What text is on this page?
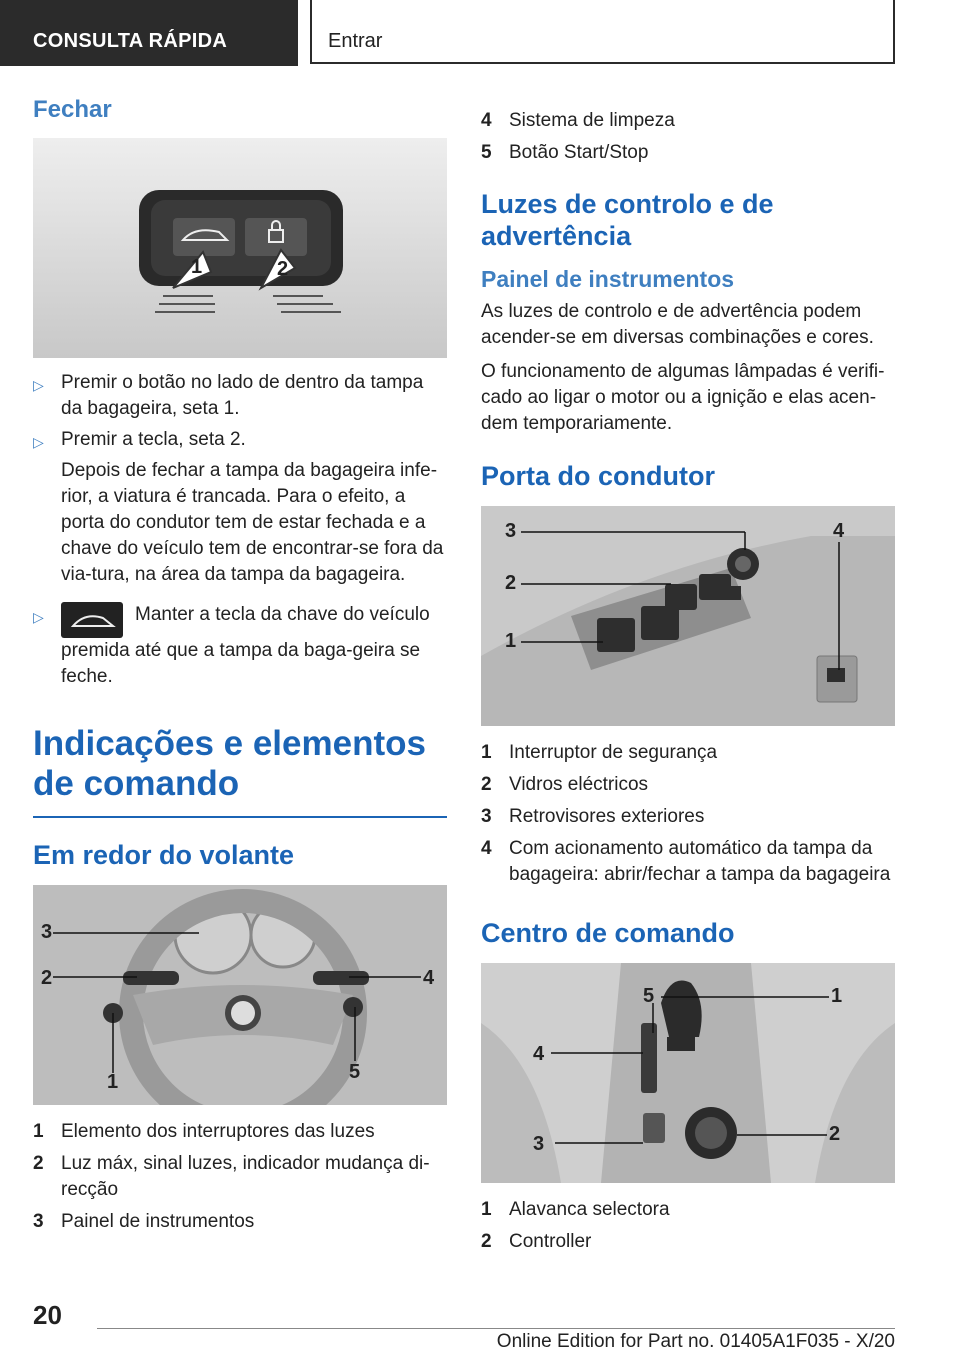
CONSULTA RÁPIDA	Entrar
Fechar
1	2
▷ Premir o botão no lado de dentro da tampa da bagageira, seta 1.
▷ Premir a tecla, seta 2.
Depois de fechar a tampa da bagageira infe-rior, a viatura é trancada. Para o efeito, a porta do condutor tem de estar fechada e a chave do veículo tem de encontrar-se fora da via-tura, na área da tampa da bagageira.
▷	Manter a tecla da chave do veículo premida até que a tampa da baga-geira se feche.
Indicações e elementos de comando
Em redor do volante
3
2	4
1	5
1 Elemento dos interruptores das luzes
2 Luz máx, sinal luzes, indicador mudança di-recção
3 Painel de instrumentos
4 Sistema de limpeza
5 Botão Start/Stop
Luzes de controlo e de advertência
Painel de instrumentos
As luzes de controlo e de advertência podem acender-se em diversas combinações e cores.
O funcionamento de algumas lâmpadas é verifi-cado ao ligar o motor ou a ignição e elas acen-dem temporariamente.
Porta do condutor
3	4
2
1
1 Interruptor de segurança
2 Vidros eléctricos
3 Retrovisores exteriores
4 Com acionamento automático da tampa da bagageira: abrir/fechar a tampa da bagageira
Centro de comando
5	1
4
3	2
1 Alavanca selectora
2 Controller
20
Online Edition for Part no. 01405A1F035 - X/20
